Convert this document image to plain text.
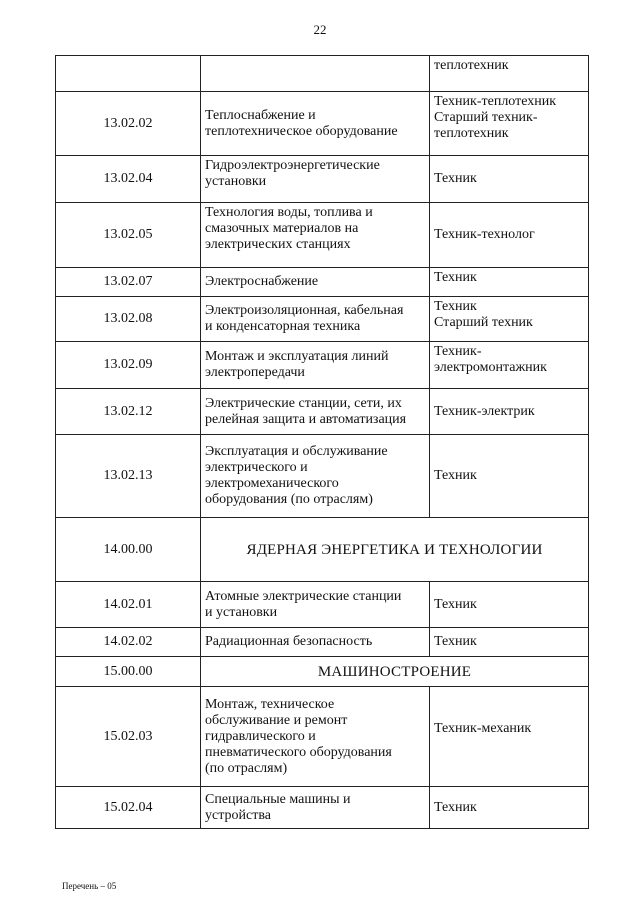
22

		теплотехник

13.02.02	Теплоснабжение и
теплотехническое оборудование	Техник-теплотехник
Старший техник-
теплотехник

13.02.04	Гидроэлектроэнергетические
установки	Техник

13.02.05	Технология воды, топлива и
смазочных материалов на
электрических станциях	Техник-технолог

13.02.07	Электроснабжение	Техник

13.02.08	Электроизоляционная, кабельная
и конденсаторная техника	Техник
Старший техник

13.02.09	Монтаж и эксплуатация линий
электропередачи	Техник-
электромонтажник

13.02.12	Электрические станции, сети, их
релейная защита и автоматизация	Техник-электрик

13.02.13	Эксплуатация и обслуживание
электрического и
электромеханического
оборудования (по отраслям)	Техник

14.00.00	ЯДЕРНАЯ ЭНЕРГЕТИКА И ТЕХНОЛОГИИ	
14.02.01	Атомные электрические станции
и установки	Техник

14.02.02	Радиационная безопасность	Техник

15.00.00	МАШИНОСТРОЕНИЕ	
15.02.03	Монтаж, техническое
обслуживание и ремонт
гидравлического и
пневматического оборудования
(по отраслям)	Техник-механик

15.02.04	Специальные машины и
устройства	Техник
Перечень – 05
